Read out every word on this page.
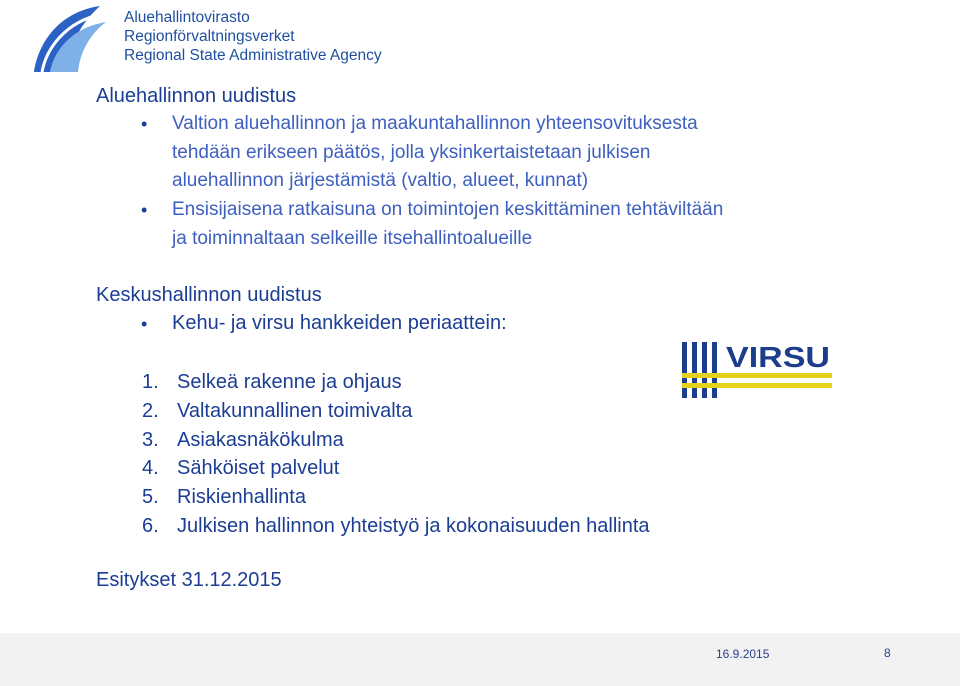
Aluehallintovirasto
Regionförvaltningsverket
Regional State Administrative Agency
Aluehallinnon uudistus
• Valtion aluehallinnon ja maakuntahallinnon yhteensovituksesta
tehdään erikseen päätös, jolla yksinkertaistetaan julkisen
aluehallinnon järjestämistä (valtio, alueet, kunnat)
• Ensisijaisena ratkaisuna on toimintojen keskittäminen tehtäviltään
ja toiminnaltaan selkeille itsehallintoalueille
Keskushallinnon uudistus
• Kehu- ja virsu hankkeiden periaattein:
1. Selkeä rakenne ja ohjaus
2. Valtakunnallinen toimivalta
3. Asiakasnäkökulma
4. Sähköiset palvelut
5. Riskienhallinta
6. Julkisen hallinnon yhteistyö ja kokonaisuuden hallinta
VIRSU
Esitykset 31.12.2015
16.9.2015	8
